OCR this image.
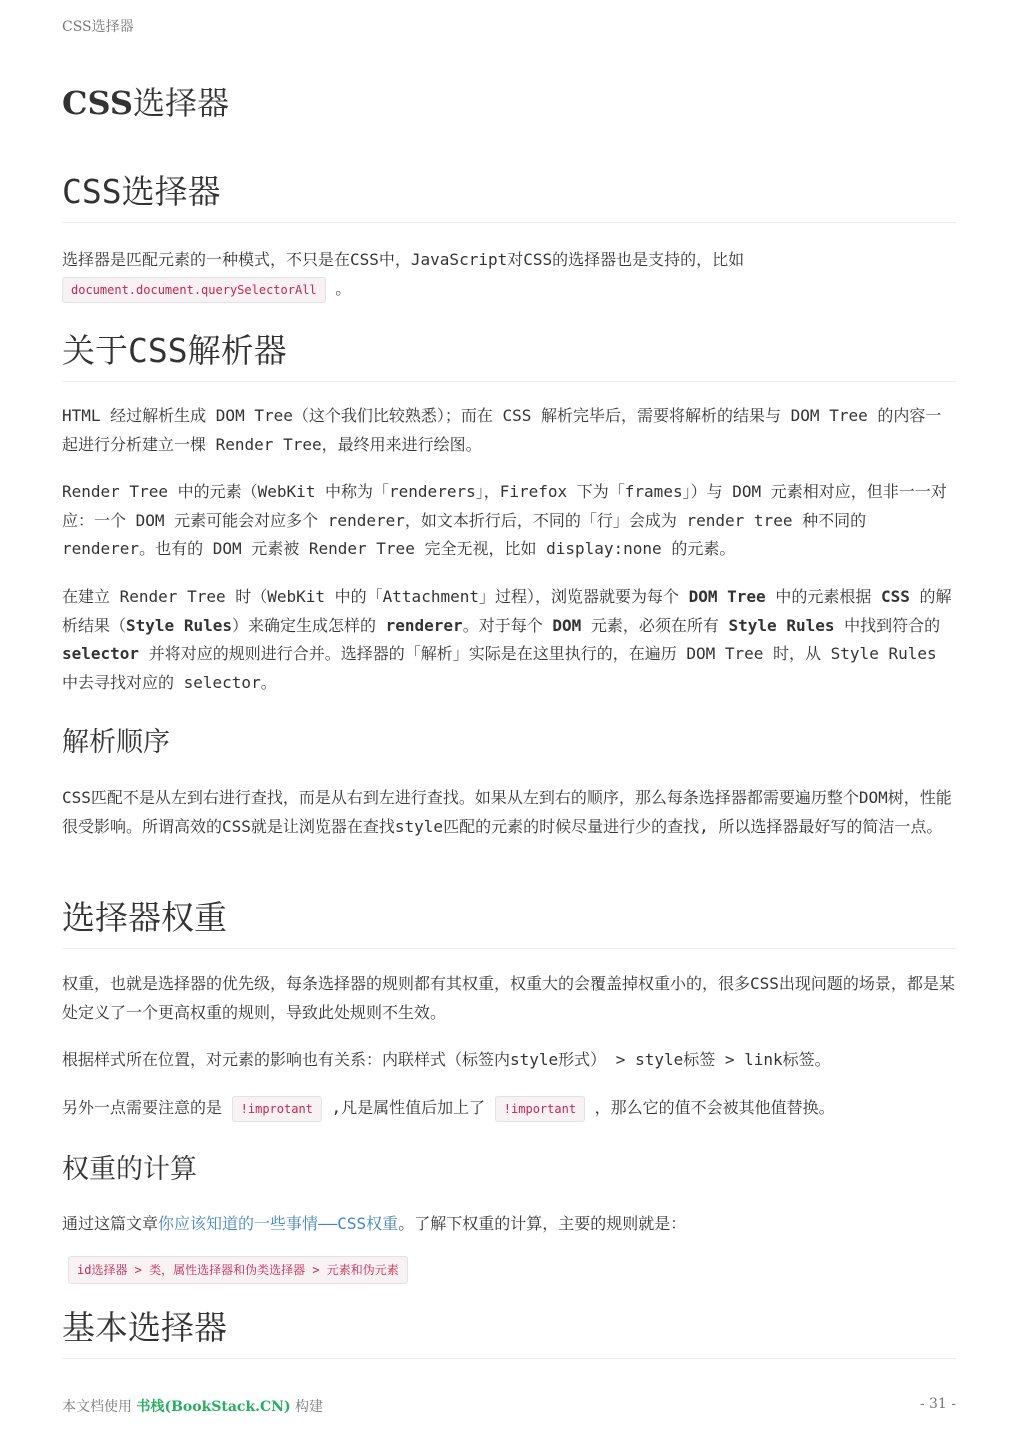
CSS选择器
CSS选择器
CSS选择器

选择器是匹配元素的一种模式，不只是在CSS中，JavaScript对CSS的选择器也是支持的，比如 document.document.querySelectorAll 。

关于CSS解析器

HTML 经过解析生成 DOM Tree（这个我们比较熟悉）；而在 CSS 解析完毕后，需要将解析的结果与 DOM Tree 的内容一起进行分析建立一棵 Render Tree，最终用来进行绘图。

Render Tree 中的元素（WebKit 中称为「renderers」，Firefox 下为「frames」）与 DOM 元素相对应，但非一一对应：一个 DOM 元素可能会对应多个 renderer，如文本折行后，不同的「行」会成为 render tree 种不同的 renderer。也有的 DOM 元素被 Render Tree 完全无视，比如 display:none 的元素。

在建立 Render Tree 时（WebKit 中的「Attachment」过程），浏览器就要为每个 DOM Tree 中的元素根据 CSS 的解析结果（Style Rules）来确定生成怎样的 renderer。对于每个 DOM 元素，必须在所有 Style Rules 中找到符合的 selector 并将对应的规则进行合并。选择器的「解析」实际是在这里执行的，在遍历 DOM Tree 时，从 Style Rules 中去寻找对应的 selector。

解析顺序

CSS匹配不是从左到右进行查找，而是从右到左进行查找。如果从左到右的顺序，那么每条选择器都需要遍历整个DOM树，性能很受影响。所谓高效的CSS就是让浏览器在查找style匹配的元素的时候尽量进行少的查找, 所以选择器最好写的简洁一点。

选择器权重

权重，也就是选择器的优先级，每条选择器的规则都有其权重，权重大的会覆盖掉权重小的，很多CSS出现问题的场景，都是某处定义了一个更高权重的规则，导致此处规则不生效。

根据样式所在位置，对元素的影响也有关系：内联样式（标签内style形式） > style标签 > link标签。

另外一点需要注意的是 !improtant ,凡是属性值后加上了 !important ，那么它的值不会被其他值替换。

权重的计算

通过这篇文章你应该知道的一些事情——CSS权重。了解下权重的计算，主要的规则就是：

id选择器 > 类，属性选择器和伪类选择器 > 元素和伪元素
基本选择器
本文档使用 书栈(BookStack.CN) 构建	- 31 -
